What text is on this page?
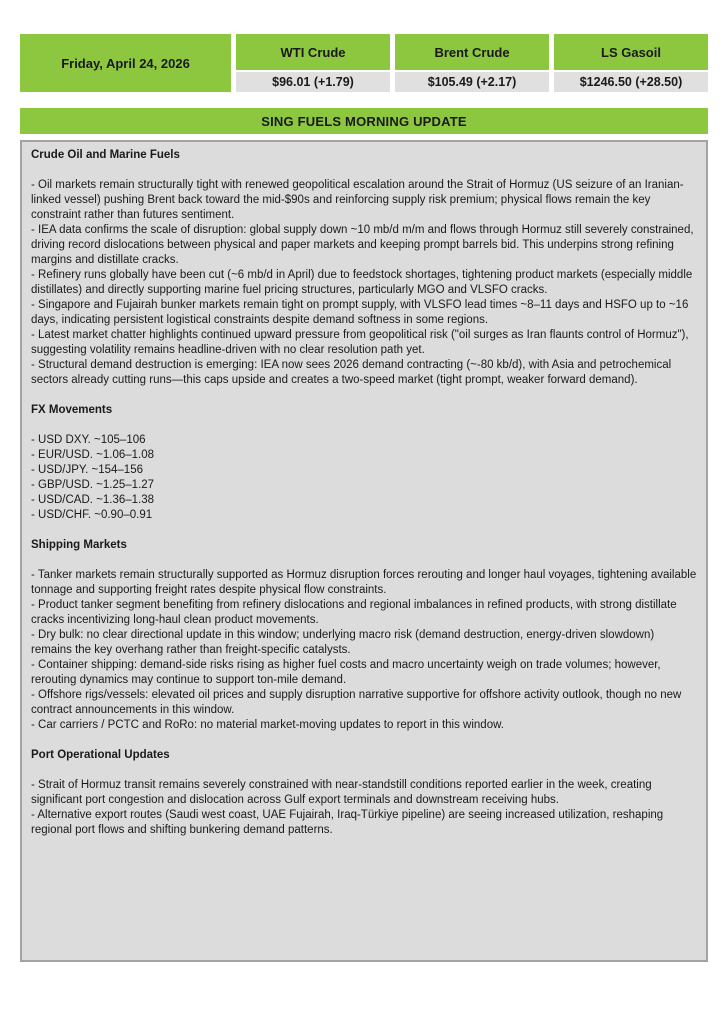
Friday, April 24, 2026
WTI Crude	Brent Crude	LS Gasoil
$96.01 (+1.79)	$105.49 (+2.17)	$1246.50 (+28.50)
SING FUELS MORNING UPDATE
Crude Oil and Marine Fuels
- Oil markets remain structurally tight with renewed geopolitical escalation around the Strait of Hormuz (US seizure of an Iranian-linked vessel) pushing Brent back toward the mid-$90s and reinforcing supply risk premium; physical flows remain the key constraint rather than futures sentiment.
- IEA data confirms the scale of disruption: global supply down ~10 mb/d m/m and flows through Hormuz still severely constrained, driving record dislocations between physical and paper markets and keeping prompt barrels bid. This underpins strong refining margins and distillate cracks.
- Refinery runs globally have been cut (~6 mb/d in April) due to feedstock shortages, tightening product markets (especially middle distillates) and directly supporting marine fuel pricing structures, particularly MGO and VLSFO cracks.
- Singapore and Fujairah bunker markets remain tight on prompt supply, with VLSFO lead times ~8–11 days and HSFO up to ~16 days, indicating persistent logistical constraints despite demand softness in some regions.
- Latest market chatter highlights continued upward pressure from geopolitical risk ("oil surges as Iran flaunts control of Hormuz"), suggesting volatility remains headline-driven with no clear resolution path yet.
- Structural demand destruction is emerging: IEA now sees 2026 demand contracting (~-80 kb/d), with Asia and petrochemical sectors already cutting runs—this caps upside and creates a two-speed market (tight prompt, weaker forward demand).
FX Movements
- USD DXY. ~105–106
- EUR/USD. ~1.06–1.08
- USD/JPY. ~154–156
- GBP/USD. ~1.25–1.27
- USD/CAD. ~1.36–1.38
- USD/CHF. ~0.90–0.91
Shipping Markets
- Tanker markets remain structurally supported as Hormuz disruption forces rerouting and longer haul voyages, tightening available tonnage and supporting freight rates despite physical flow constraints.
- Product tanker segment benefiting from refinery dislocations and regional imbalances in refined products, with strong distillate cracks incentivizing long-haul clean product movements.
- Dry bulk: no clear directional update in this window; underlying macro risk (demand destruction, energy-driven slowdown) remains the key overhang rather than freight-specific catalysts.
- Container shipping: demand-side risks rising as higher fuel costs and macro uncertainty weigh on trade volumes; however, rerouting dynamics may continue to support ton-mile demand.
- Offshore rigs/vessels: elevated oil prices and supply disruption narrative supportive for offshore activity outlook, though no new contract announcements in this window.
- Car carriers / PCTC and RoRo: no material market-moving updates to report in this window.
Port Operational Updates
- Strait of Hormuz transit remains severely constrained with near-standstill conditions reported earlier in the week, creating significant port congestion and dislocation across Gulf export terminals and downstream receiving hubs.
- Alternative export routes (Saudi west coast, UAE Fujairah, Iraq-Türkiye pipeline) are seeing increased utilization, reshaping regional port flows and shifting bunkering demand patterns.
